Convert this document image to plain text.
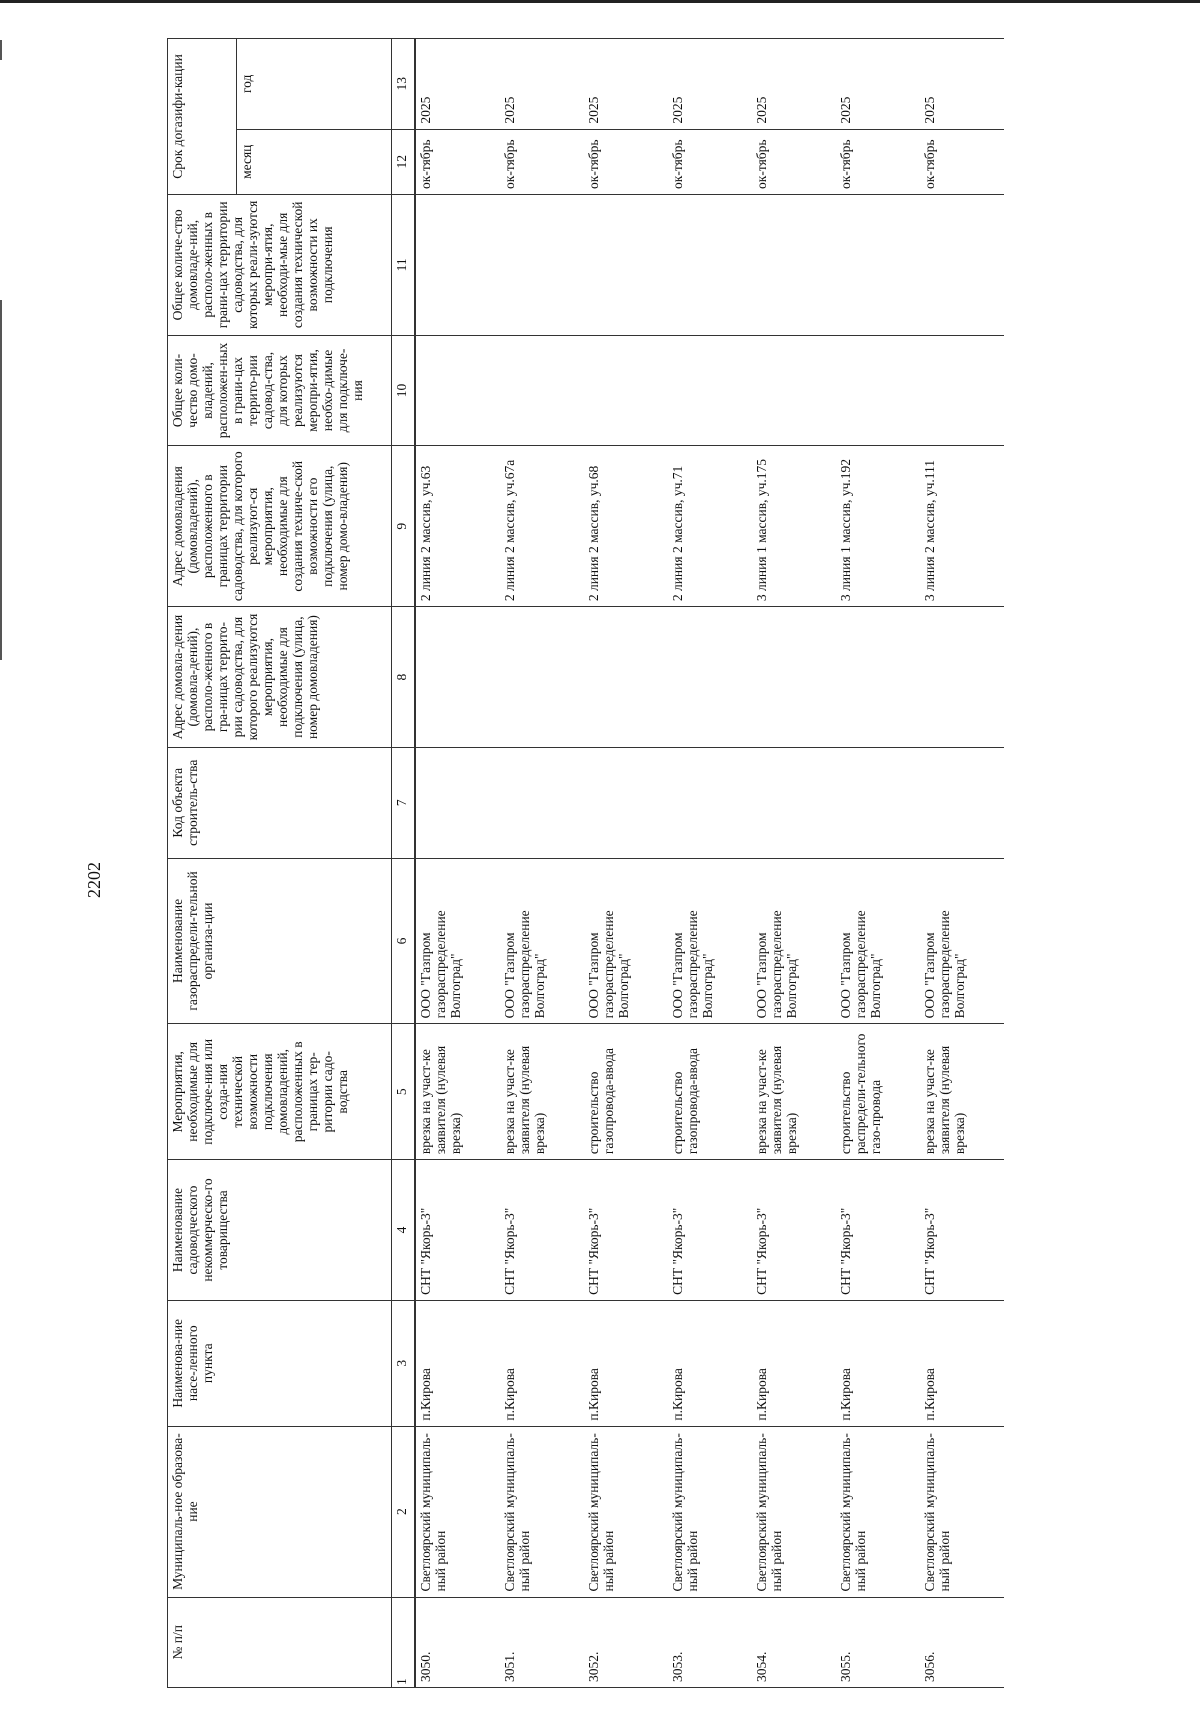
2202
№ п/п	Муниципаль-ное образова-ние	Наименова-ние насе-ленного пункта	Наименование садоводческого некоммерческо-го товарищества	Мероприятия, необходимые для подключе-ния или созда-ния технической возможности подключения домовладений, расположенных в границах тер-ритории садо-водства	Наименование газораспредели-тельной организа-ции	Код объекта строитель-ства	Адрес домовла-дения (домовла-дений), располо-женного в гра-ницах террито-рии садоводства, для которого реализуются мероприятия, необходимые для подключения (улица, номер домовладения)	Адрес домовладения (домовладений), расположенного в границах территории садоводства, для которого реализуют-ся мероприятия, необходимые для создания техниче-ской возможности его подключения (улица, номер домо-владения)	Общее коли-чество домо-владений, расположен-ных в грани-цах террито-рии садовод-ства, для которых реализуются меропри-ятия, необхо-димые для подключе-ния	Общее количе-ство домовладе-ний, располо-женных в грани-цах территории садоводства, для которых реали-зуются меропри-ятия, необходи-мые для создания технической возможности их подключения	Срок догазифи-кации	
											месяц	год
1	2	3	4	5	6	7	8	9	10	11	12	13
3050.	Светлоярский муниципаль-ный район	п.Кирова	СНТ "Якорь-3"	врезка на участ-ке заявителя (нулевая врезка)	ООО "Газпром газораспределение Волгоград"			2 линия 2 массив, уч.63			ок-тябрь	2025
3051.	Светлоярский муниципаль-ный район	п.Кирова	СНТ "Якорь-3"	врезка на участ-ке заявителя (нулевая врезка)	ООО "Газпром газораспределение Волгоград"			2 линия 2 массив, уч.67а			ок-тябрь	2025
3052.	Светлоярский муниципаль-ный район	п.Кирова	СНТ "Якорь-3"	строительство газопровода-ввода	ООО "Газпром газораспределение Волгоград"			2 линия 2 массив, уч.68			ок-тябрь	2025
3053.	Светлоярский муниципаль-ный район	п.Кирова	СНТ "Якорь-3"	строительство газопровода-ввода	ООО "Газпром газораспределение Волгоград"			2 линия 2 массив, уч.71			ок-тябрь	2025
3054.	Светлоярский муниципаль-ный район	п.Кирова	СНТ "Якорь-3"	врезка на участ-ке заявителя (нулевая врезка)	ООО "Газпром газораспределение Волгоград"			3 линия 1 массив, уч.175			ок-тябрь	2025
3055.	Светлоярский муниципаль-ный район	п.Кирова	СНТ "Якорь-3"	строительство распредели-тельного газо-провода	ООО "Газпром газораспределение Волгоград"			3 линия 1 массив, уч.192			ок-тябрь	2025
3056.	Светлоярский муниципаль-ный район	п.Кирова	СНТ "Якорь-3"	врезка на участ-ке заявителя (нулевая врезка)	ООО "Газпром газораспределение Волгоград"			3 линия 2 массив, уч.111			ок-тябрь	2025
